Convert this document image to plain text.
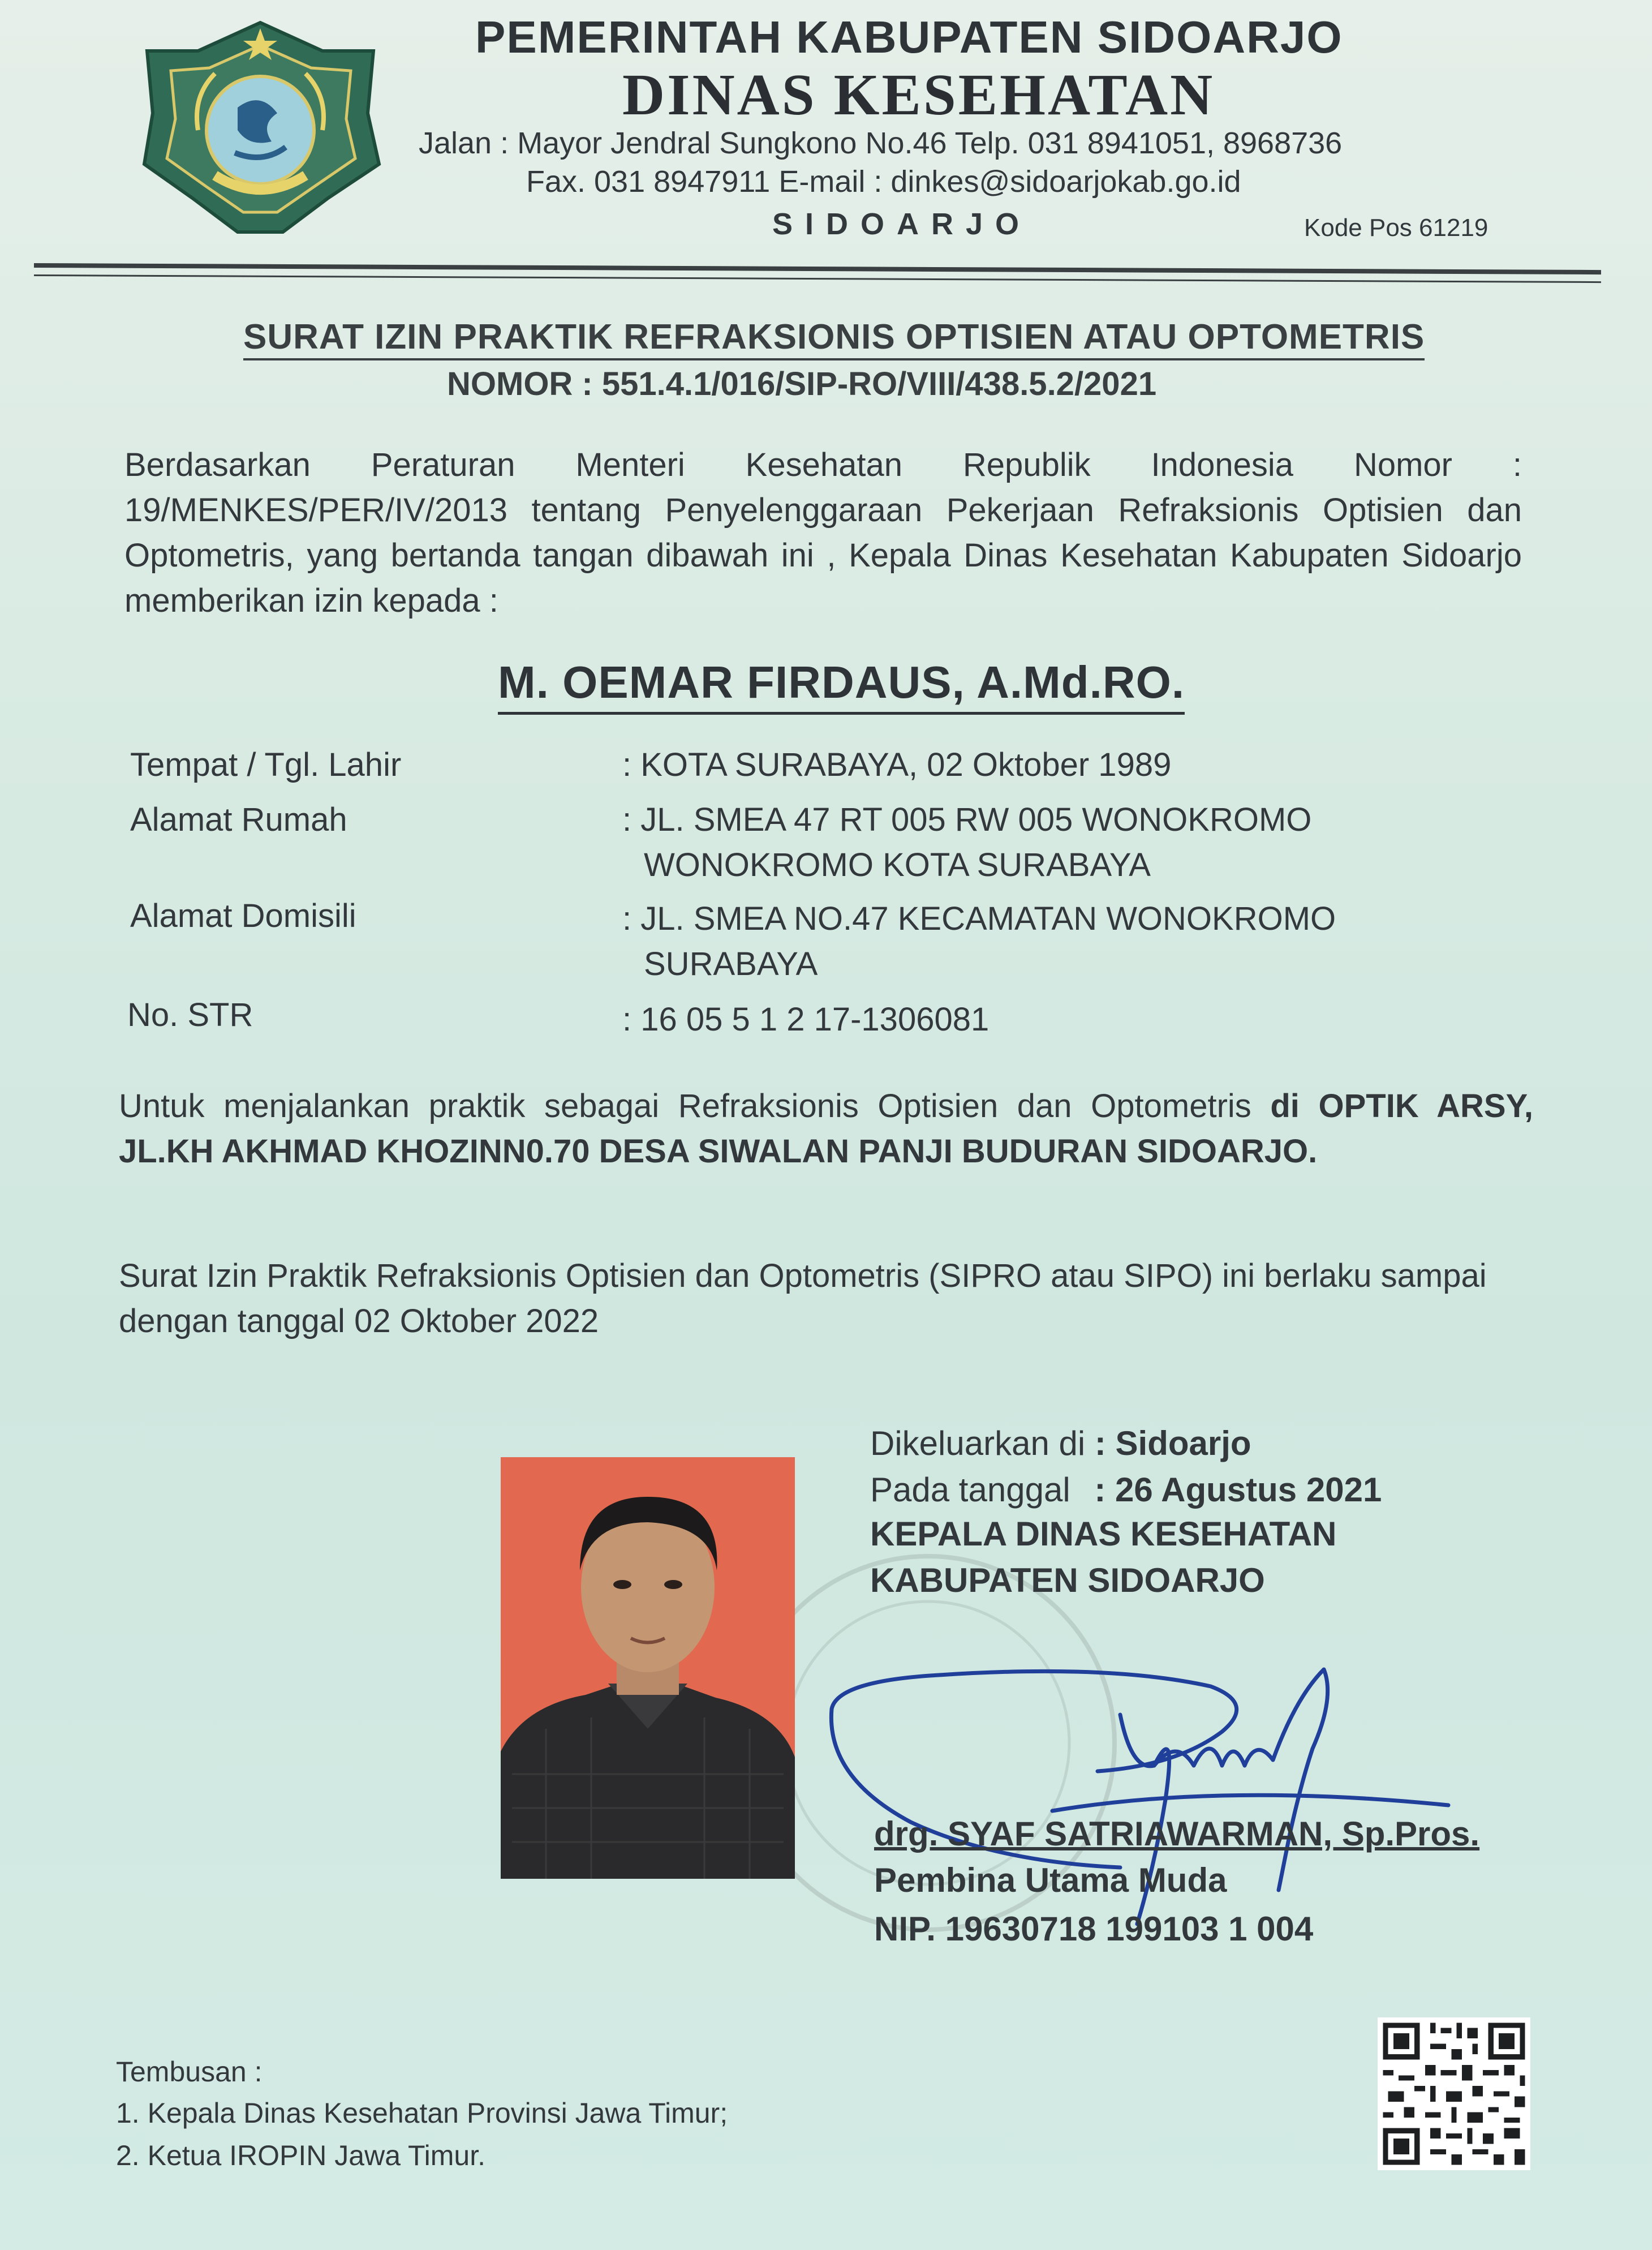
PEMERINTAH KABUPATEN SIDOARJO
DINAS KESEHATAN
Jalan : Mayor Jendral Sungkono No.46 Telp. 031 8941051, 8968736
Fax. 031 8947911 E-mail : dinkes@sidoarjokab.go.id
SIDOARJO	Kode Pos 61219
SURAT IZIN PRAKTIK REFRAKSIONIS OPTISIEN ATAU OPTOMETRIS
NOMOR : 551.4.1/016/SIP-RO/VIII/438.5.2/2021
Berdasarkan Peraturan Menteri Kesehatan Republik Indonesia Nomor : 19/MENKES/PER/IV/2013 tentang Penyelenggaraan Pekerjaan Refraksionis Optisien dan Optometris, yang bertanda tangan dibawah ini , Kepala Dinas Kesehatan Kabupaten Sidoarjo memberikan izin kepada :
M. OEMAR FIRDAUS, A.Md.RO.
Tempat / Tgl. Lahir	: KOTA SURABAYA, 02 Oktober 1989
Alamat Rumah	: JL. SMEA 47 RT 005 RW 005 WONOKROMO
WONOKROMO KOTA SURABAYA
Alamat Domisili	: JL. SMEA NO.47 KECAMATAN WONOKROMO
SURABAYA
No. STR	: 16 05 5 1 2 17-1306081
Untuk menjalankan praktik sebagai Refraksionis Optisien dan Optometris di OPTIK ARSY, JL.KH AKHMAD KHOZINN0.70 DESA SIWALAN PANJI BUDURAN SIDOARJO.
Surat Izin Praktik Refraksionis Optisien dan Optometris (SIPRO atau SIPO) ini berlaku sampai dengan tanggal 02 Oktober 2022
Dikeluarkan di : Sidoarjo
Pada tanggal : 26 Agustus 2021
KEPALA DINAS KESEHATAN
KABUPATEN SIDOARJO
drg. SYAF SATRIAWARMAN, Sp.Pros.
Pembina Utama Muda
NIP. 19630718 199103 1 004
Tembusan :
1. Kepala Dinas Kesehatan Provinsi Jawa Timur;
2. Ketua IROPIN Jawa Timur.
